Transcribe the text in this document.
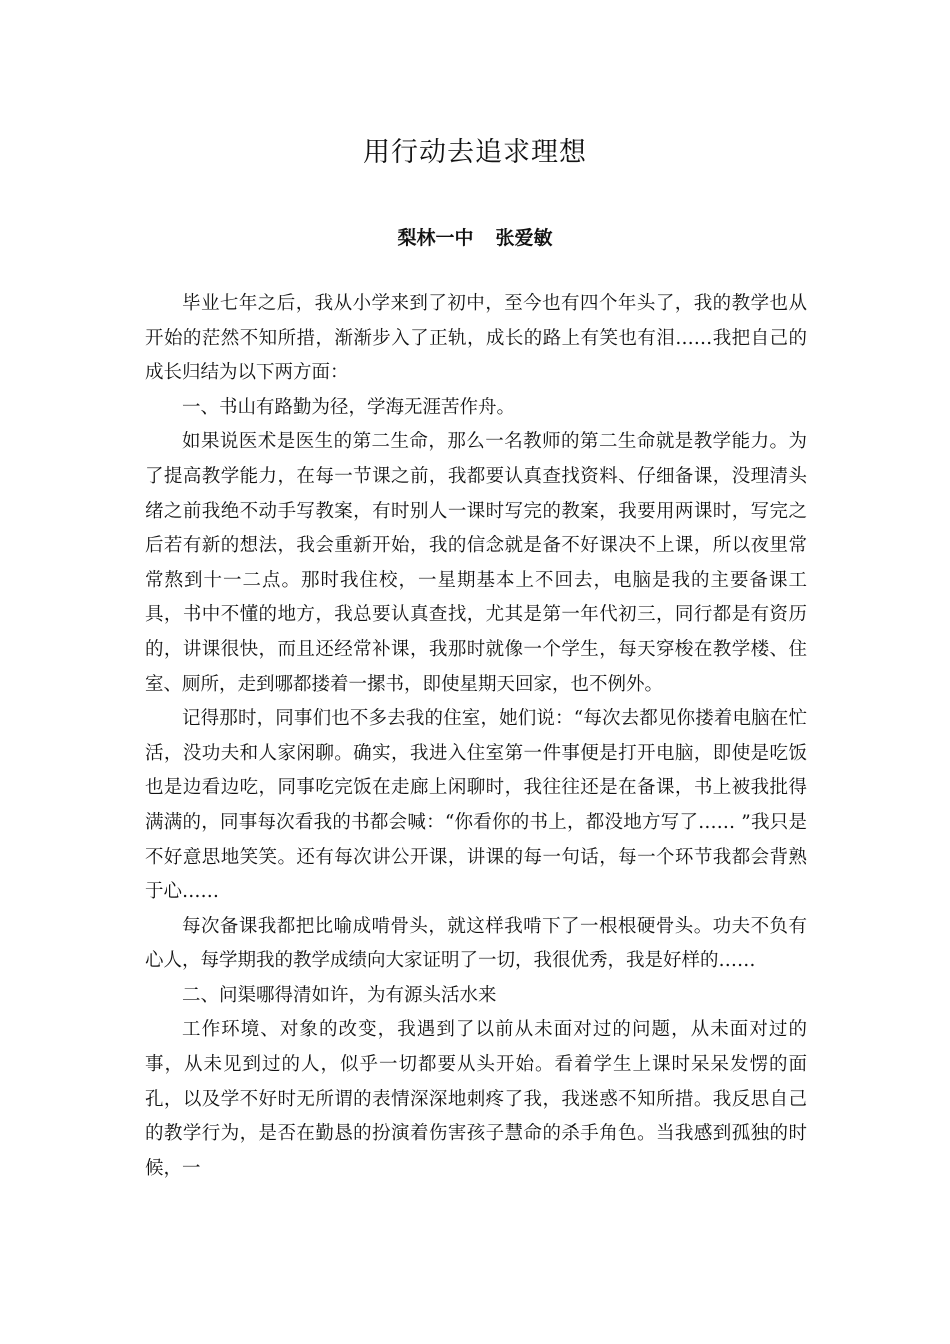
用行动去追求理想
梨林一中 张爱敏

毕业七年之后，我从小学来到了初中，至今也有四个年头了，我的教学也从开始的茫然不知所措，渐渐步入了正轨，成长的路上有笑也有泪……我把自己的成长归结为以下两方面：

一、书山有路勤为径，学海无涯苦作舟。

如果说医术是医生的第二生命，那么一名教师的第二生命就是教学能力。为了提高教学能力，在每一节课之前，我都要认真查找资料、仔细备课，没理清头绪之前我绝不动手写教案，有时别人一课时写完的教案，我要用两课时，写完之后若有新的想法，我会重新开始，我的信念就是备不好课决不上课，所以夜里常常熬到十一二点。那时我住校，一星期基本上不回去，电脑是我的主要备课工具，书中不懂的地方，我总要认真查找，尤其是第一年代初三，同行都是有资历的，讲课很快，而且还经常补课，我那时就像一个学生，每天穿梭在教学楼、住室、厕所，走到哪都搂着一摞书，即使星期天回家，也不例外。

记得那时，同事们也不多去我的住室，她们说：“每次去都见你搂着电脑在忙活，没功夫和人家闲聊。确实，我进入住室第一件事便是打开电脑，即使是吃饭也是边看边吃，同事吃完饭在走廊上闲聊时，我往往还是在备课，书上被我批得满满的，同事每次看我的书都会喊：“你看你的书上，都没地方写了…… ”我只是不好意思地笑笑。还有每次讲公开课，讲课的每一句话，每一个环节我都会背熟于心……

每次备课我都把比喻成啃骨头，就这样我啃下了一根根硬骨头。功夫不负有心人，每学期我的教学成绩向大家证明了一切，我很优秀，我是好样的……

二、问渠哪得清如许，为有源头活水来

工作环境、对象的改变，我遇到了以前从未面对过的问题，从未面对过的事，从未见到过的人，似乎一切都要从头开始。看着学生上课时呆呆发愣的面孔，以及学不好时无所谓的表情深深地刺疼了我，我迷惑不知所措。我反思自己的教学行为，是否在勤恳的扮演着伤害孩子慧命的杀手角色。当我感到孤独的时候，一
